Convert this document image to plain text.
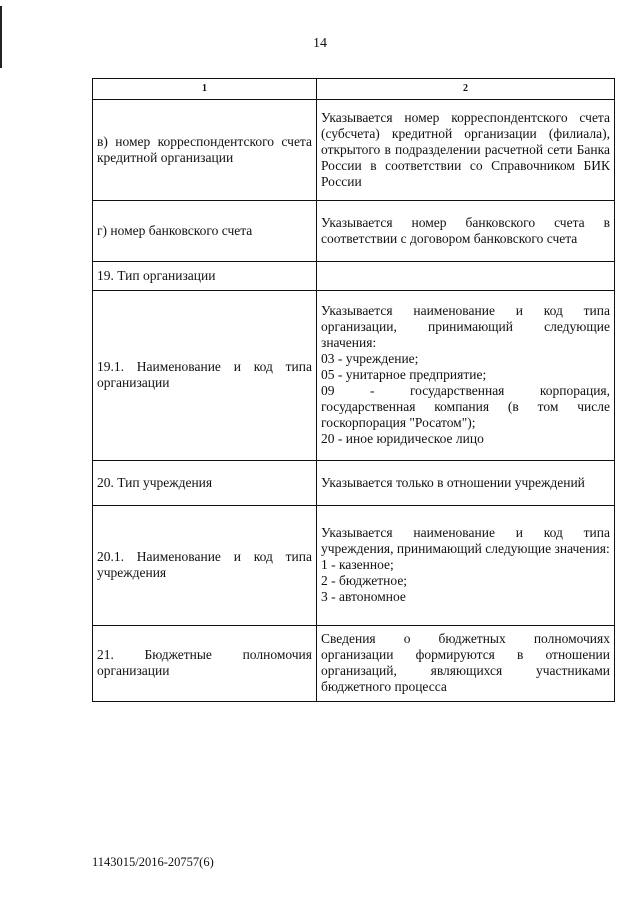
14
1	2
в) номер корреспондентского счета кредитной организации	Указывается номер корреспондентского счета (субсчета) кредитной организации (филиала), открытого в подразделении расчетной сети Банка России в соответствии со Справочником БИК России
г) номер банковского счета	Указывается номер банковского счета в соответствии с договором банковского счета
19. Тип организации	
19.1. Наименование и код типа организации	Указывается наименование и код типа организации, принимающий следующие значения:
03 - учреждение;
05 - унитарное предприятие;
09 - государственная корпорация, государственная компания (в том числе госкорпорация "Росатом");
20 - иное юридическое лицо

20. Тип учреждения	Указывается только в отношении учреждений
20.1. Наименование и код типа учреждения	Указывается наименование и код типа учреждения, принимающий следующие значения:
1 - казенное;
2 - бюджетное;
3 - автономное

21. Бюджетные полномочия организации	Сведения о бюджетных полномочиях организации формируются в отношении организаций, являющихся участниками бюджетного процесса
1143015/2016-20757(6)
